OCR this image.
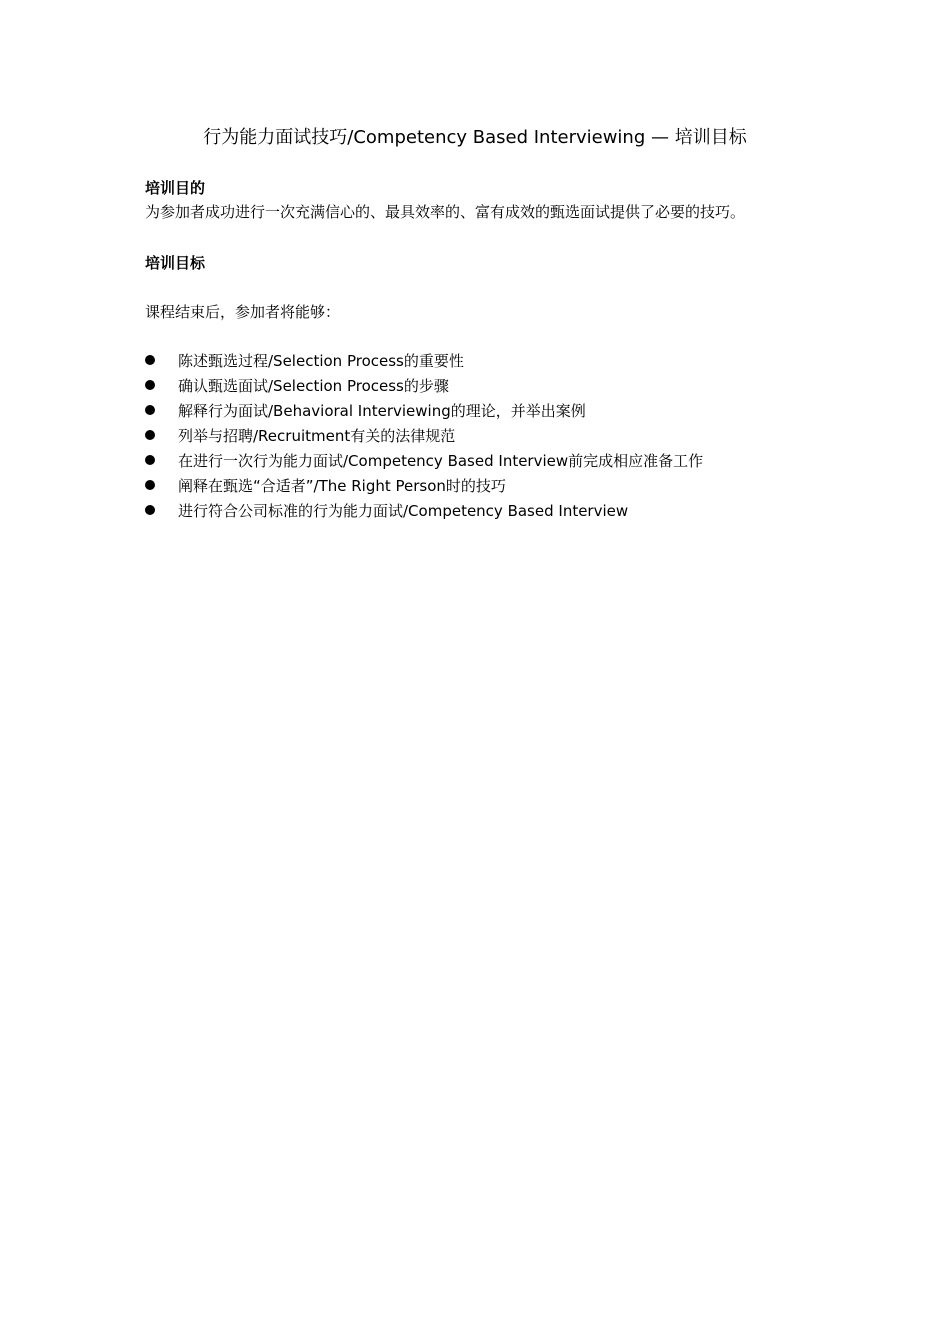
行为能力面试技巧/Competency Based Interviewing — 培训目标
培训目的

为参加者成功进行一次充满信心的、最具效率的、富有成效的甄选面试提供了必要的技巧。

培训目标

课程结束后，参加者将能够：

陈述甄选过程/Selection Process的重要性
确认甄选面试/Selection Process的步骤
解释行为面试/Behavioral Interviewing的理论，并举出案例
列举与招聘/Recruitment有关的法律规范
在进行一次行为能力面试/Competency Based Interview前完成相应准备工作
阐释在甄选“合适者”/The Right Person时的技巧
进行符合公司标准的行为能力面试/Competency Based Interview
